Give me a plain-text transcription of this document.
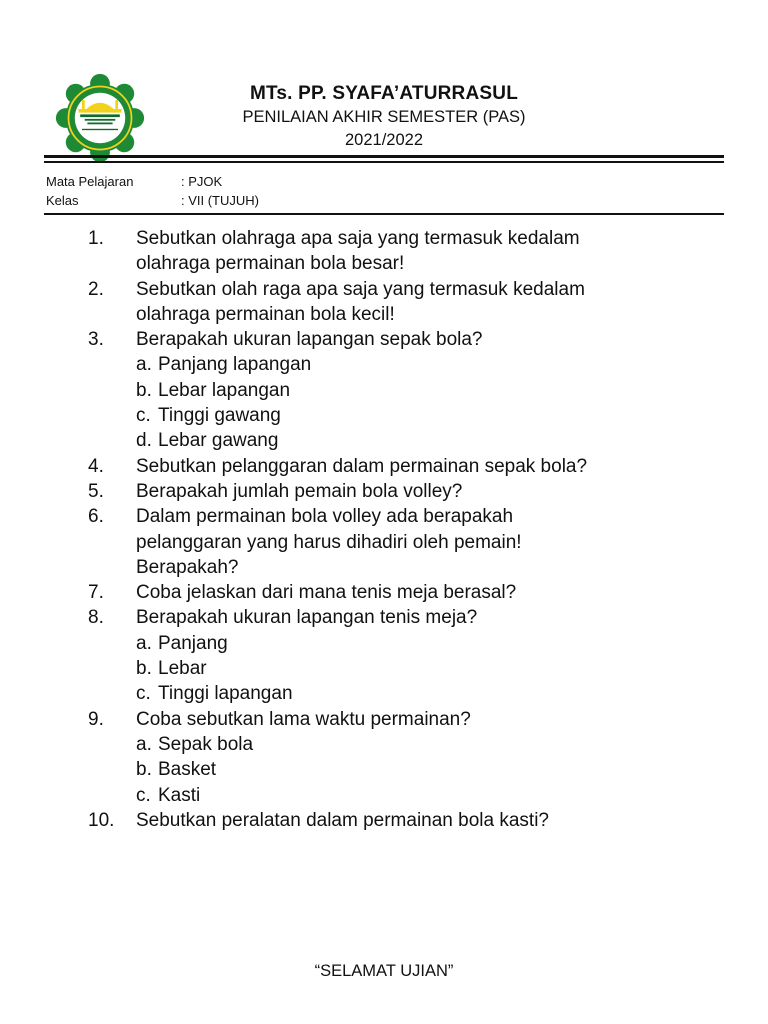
MTs. PP. SYAFA’ATURRASUL
PENILAIAN AKHIR SEMESTER (PAS)
2021/2022
Mata Pelajaran	: PJOK
Kelas	: VII (TUJUH)
1.	Sebutkan olahraga apa saja yang termasuk kedalam
olahraga permainan bola besar!
2.	Sebutkan olah raga apa saja yang termasuk kedalam
olahraga permainan bola kecil!
3.	Berapakah ukuran lapangan sepak bola?
a. Panjang lapangan
b. Lebar lapangan
c. Tinggi gawang
d. Lebar gawang
4.	Sebutkan pelanggaran dalam permainan sepak bola?
5.	Berapakah jumlah pemain bola volley?
6.	Dalam permainan bola volley ada berapakah
pelanggaran yang harus dihadiri oleh pemain!
Berapakah?
7.	Coba jelaskan dari mana tenis meja berasal?
8.	Berapakah ukuran lapangan tenis meja?
a. Panjang
b. Lebar
c. Tinggi lapangan
9.	Coba sebutkan lama waktu permainan?
a. Sepak bola
b. Basket
c. Kasti
10.	Sebutkan peralatan dalam permainan bola kasti?
“SELAMAT UJIAN”
